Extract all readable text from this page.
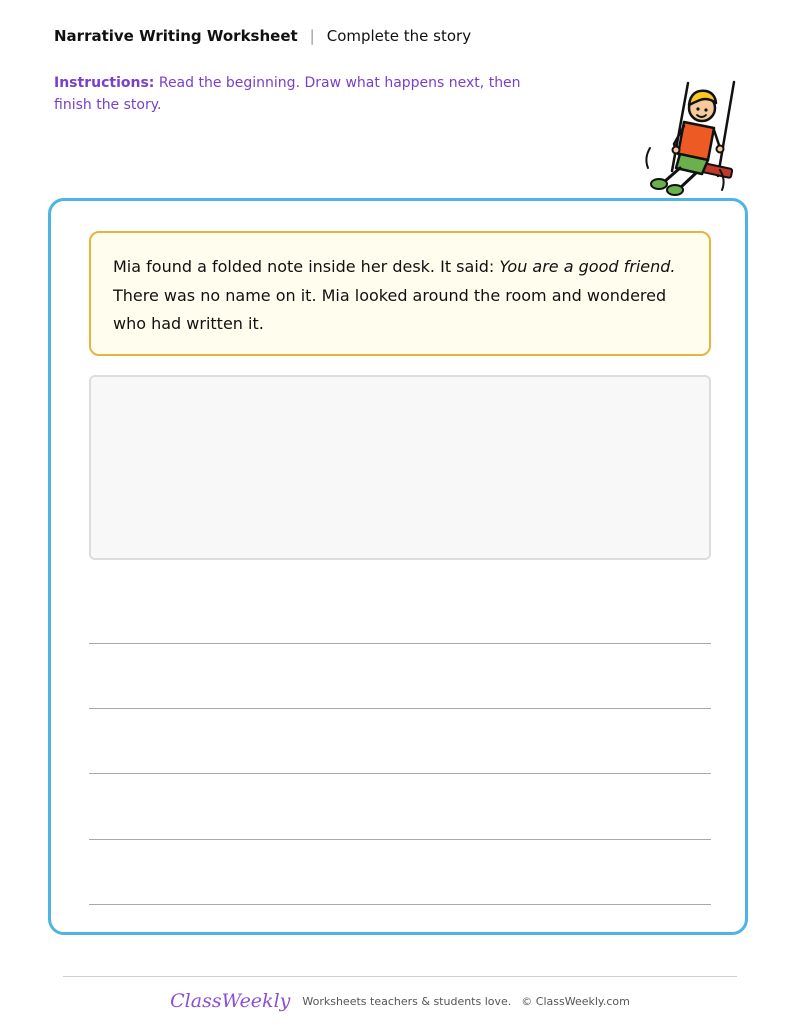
Narrative Writing Worksheet | Complete the story
Instructions: Read the beginning. Draw what happens next, then finish the story.
Mia found a folded note inside her desk. It said: You are a good friend. There was no name on it. Mia looked around the room and wondered who had written it.
ClassWeekly Worksheets teachers & students love. © ClassWeekly.com
